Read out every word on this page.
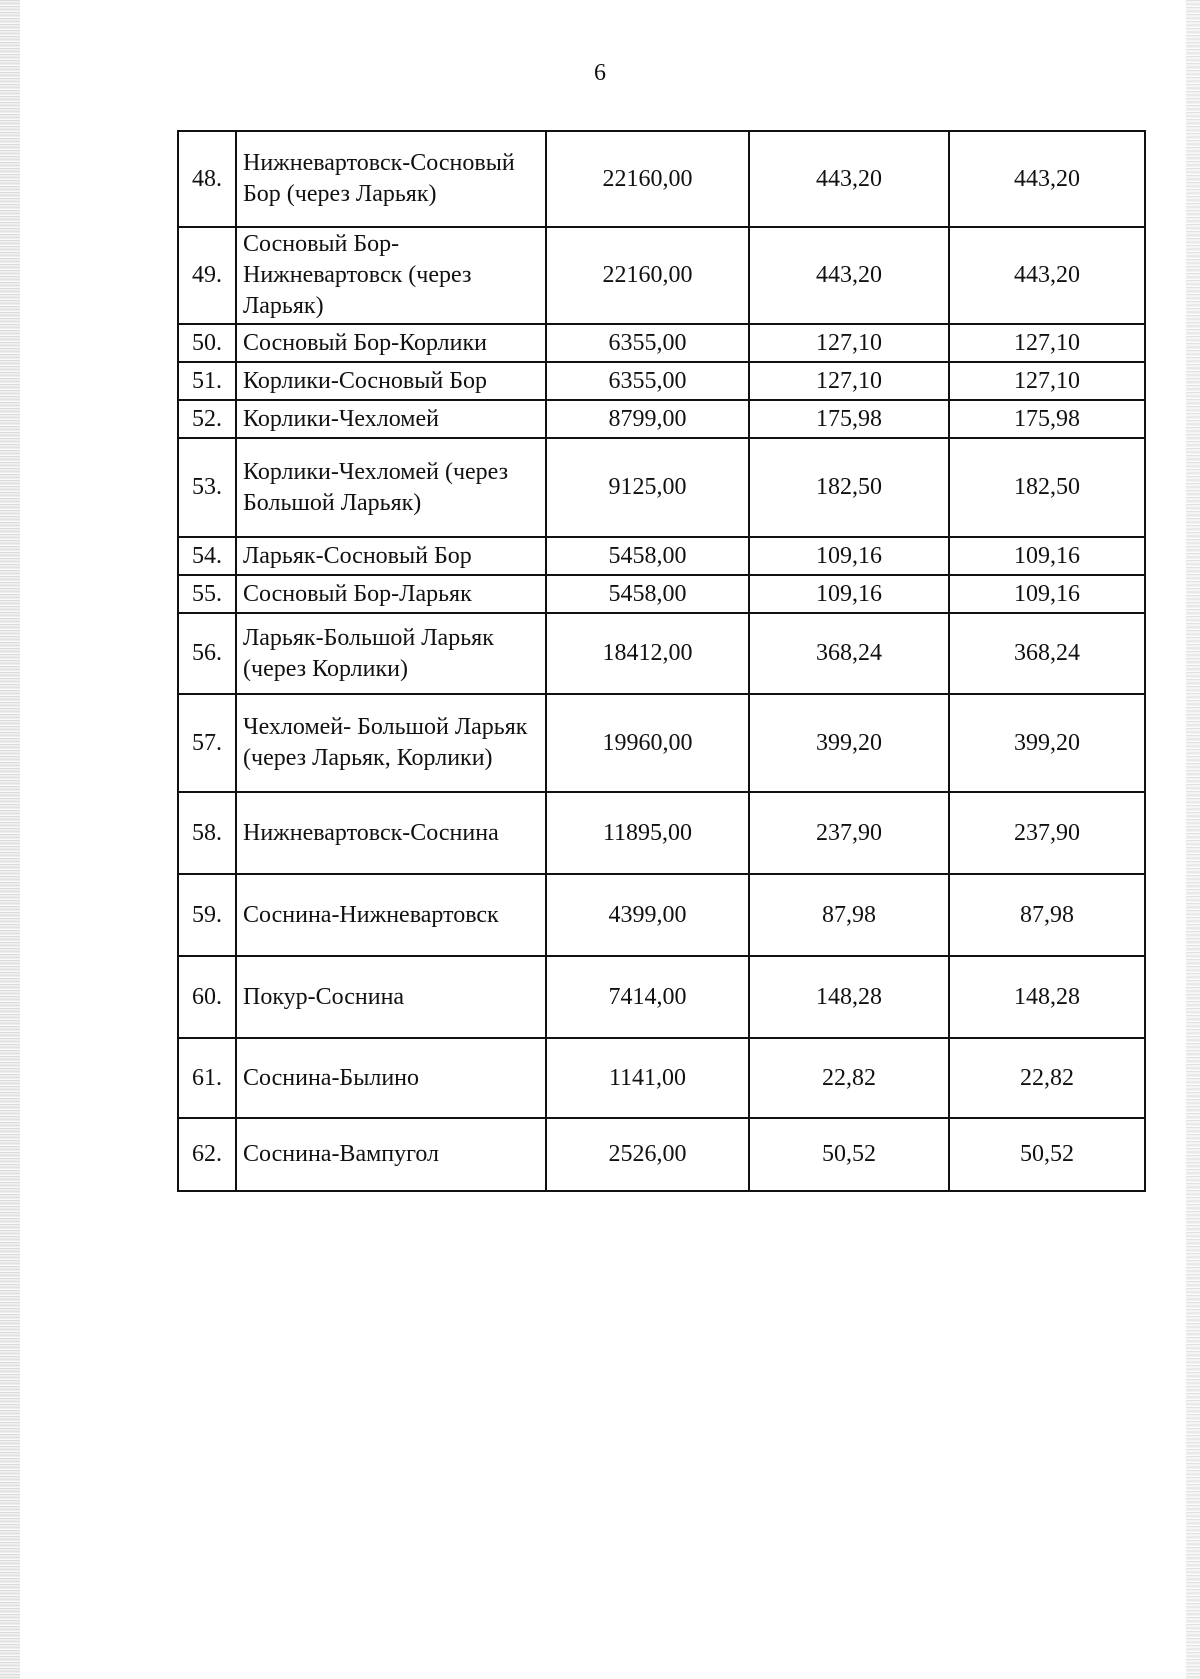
6
48.	Нижневартовск-Сосновый Бор (через Ларьяк)	22160,00	443,20	443,20
49.	Сосновый Бор-Нижневартовск (через Ларьяк)	22160,00	443,20	443,20
50.	Сосновый Бор-Корлики	6355,00	127,10	127,10
51.	Корлики-Сосновый Бор	6355,00	127,10	127,10
52.	Корлики-Чехломей	8799,00	175,98	175,98
53.	Корлики-Чехломей (через Большой Ларьяк)	9125,00	182,50	182,50
54.	Ларьяк-Сосновый Бор	5458,00	109,16	109,16
55.	Сосновый Бор-Ларьяк	5458,00	109,16	109,16
56.	Ларьяк-Большой Ларьяк (через Корлики)	18412,00	368,24	368,24
57.	Чехломей- Большой Ларьяк (через Ларьяк, Корлики)	19960,00	399,20	399,20
58.	Нижневартовск-Соснина	11895,00	237,90	237,90
59.	Соснина-Нижневартовск	4399,00	87,98	87,98
60.	Покур-Соснина	7414,00	148,28	148,28
61.	Соснина-Былино	1141,00	22,82	22,82
62.	Соснина-Вампугол	2526,00	50,52	50,52
